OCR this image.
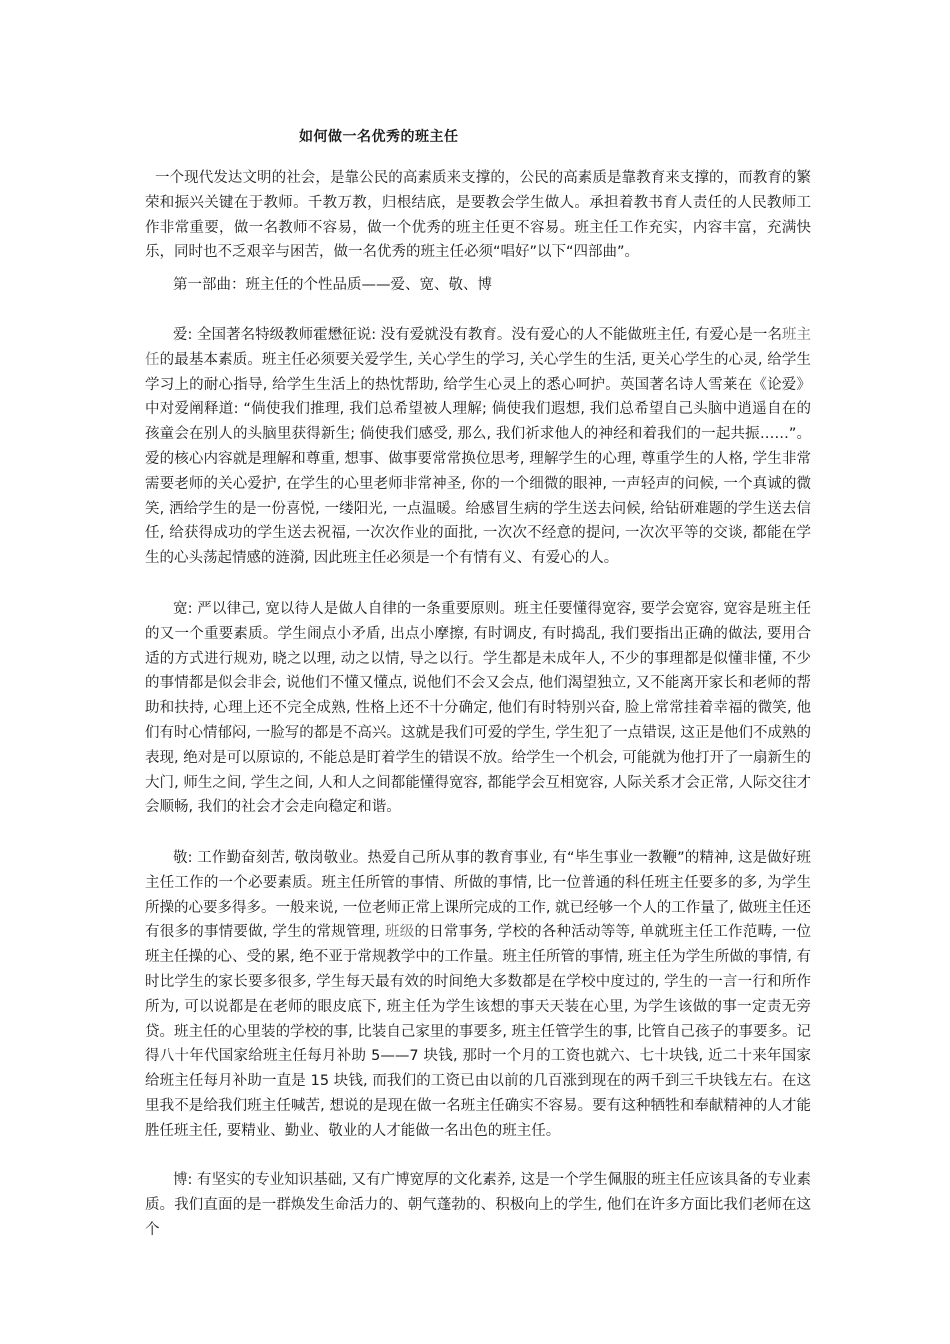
如何做一名优秀的班主任

一个现代发达文明的社会，是靠公民的高素质来支撑的，公民的高素质是靠教育来支撑的，而教育的繁荣和振兴关键在于教师。千教万教，归根结底，是要教会学生做人。承担着教书育人责任的人民教师工作非常重要，做一名教师不容易，做一个优秀的班主任更不容易。班主任工作充实，内容丰富，充满快乐，同时也不乏艰辛与困苦，做一名优秀的班主任必须“唱好”以下“四部曲”。

第一部曲：班主任的个性品质——爱、宽、敬、博

爱: 全国著名特级教师霍懋征说: 没有爱就没有教育。没有爱心的人不能做班主任, 有爱心是一名班主任的最基本素质。班主任必须要关爱学生, 关心学生的学习, 关心学生的生活, 更关心学生的心灵, 给学生学习上的耐心指导, 给学生生活上的热忱帮助, 给学生心灵上的悉心呵护。英国著名诗人雪莱在《论爱》中对爱阐释道: “倘使我们推理, 我们总希望被人理解; 倘使我们遐想, 我们总希望自己头脑中逍遥自在的孩童会在别人的头脑里获得新生; 倘使我们感受, 那么, 我们祈求他人的神经和着我们的一起共振……”。爱的核心内容就是理解和尊重, 想事、做事要常常换位思考, 理解学生的心理, 尊重学生的人格, 学生非常需要老师的关心爱护, 在学生的心里老师非常神圣, 你的一个细微的眼神, 一声轻声的问候, 一个真诚的微笑, 洒给学生的是一份喜悦, 一缕阳光, 一点温暖。给感冒生病的学生送去问候, 给钻研难题的学生送去信任, 给获得成功的学生送去祝福, 一次次作业的面批, 一次次不经意的提问, 一次次平等的交谈, 都能在学生的心头荡起情感的涟漪, 因此班主任必须是一个有情有义、有爱心的人。

宽: 严以律己, 宽以待人是做人自律的一条重要原则。班主任要懂得宽容, 要学会宽容, 宽容是班主任的又一个重要素质。学生闹点小矛盾, 出点小摩擦, 有时调皮, 有时捣乱, 我们要指出正确的做法, 要用合适的方式进行规劝, 晓之以理, 动之以情, 导之以行。学生都是未成年人, 不少的事理都是似懂非懂, 不少的事情都是似会非会, 说他们不懂又懂点, 说他们不会又会点, 他们渴望独立, 又不能离开家长和老师的帮助和扶持, 心理上还不完全成熟, 性格上还不十分确定, 他们有时特别兴奋, 脸上常常挂着幸福的微笑, 他们有时心情郁闷, 一脸写的都是不高兴。这就是我们可爱的学生, 学生犯了一点错误, 这正是他们不成熟的表现, 绝对是可以原谅的, 不能总是盯着学生的错误不放。给学生一个机会, 可能就为他打开了一扇新生的大门, 师生之间, 学生之间, 人和人之间都能懂得宽容, 都能学会互相宽容, 人际关系才会正常, 人际交往才会顺畅, 我们的社会才会走向稳定和谐。

敬: 工作勤奋刻苦, 敬岗敬业。热爱自己所从事的教育事业, 有“毕生事业一教鞭”的精神, 这是做好班主任工作的一个必要素质。班主任所管的事情、所做的事情, 比一位普通的科任班主任要多的多, 为学生所操的心要多得多。一般来说, 一位老师正常上课所完成的工作, 就已经够一个人的工作量了, 做班主任还有很多的事情要做, 学生的常规管理, 班级的日常事务, 学校的各种活动等等, 单就班主任工作范畴, 一位班主任操的心、受的累, 绝不亚于常规教学中的工作量。班主任所管的事情, 班主任为学生所做的事情, 有时比学生的家长要多很多, 学生每天最有效的时间绝大多数都是在学校中度过的, 学生的一言一行和所作所为, 可以说都是在老师的眼皮底下, 班主任为学生该想的事天天装在心里, 为学生该做的事一定责无旁贷。班主任的心里装的学校的事, 比装自己家里的事要多, 班主任管学生的事, 比管自己孩子的事要多。记得八十年代国家给班主任每月补助 5——7 块钱, 那时一个月的工资也就六、七十块钱, 近二十来年国家给班主任每月补助一直是 15 块钱, 而我们的工资已由以前的几百涨到现在的两千到三千块钱左右。在这里我不是给我们班主任喊苦, 想说的是现在做一名班主任确实不容易。要有这种牺牲和奉献精神的人才能胜任班主任, 要精业、勤业、敬业的人才能做一名出色的班主任。

博: 有坚实的专业知识基础, 又有广博宽厚的文化素养, 这是一个学生佩服的班主任应该具备的专业素质。我们直面的是一群焕发生命活力的、朝气蓬勃的、积极向上的学生, 他们在许多方面比我们老师在这个
